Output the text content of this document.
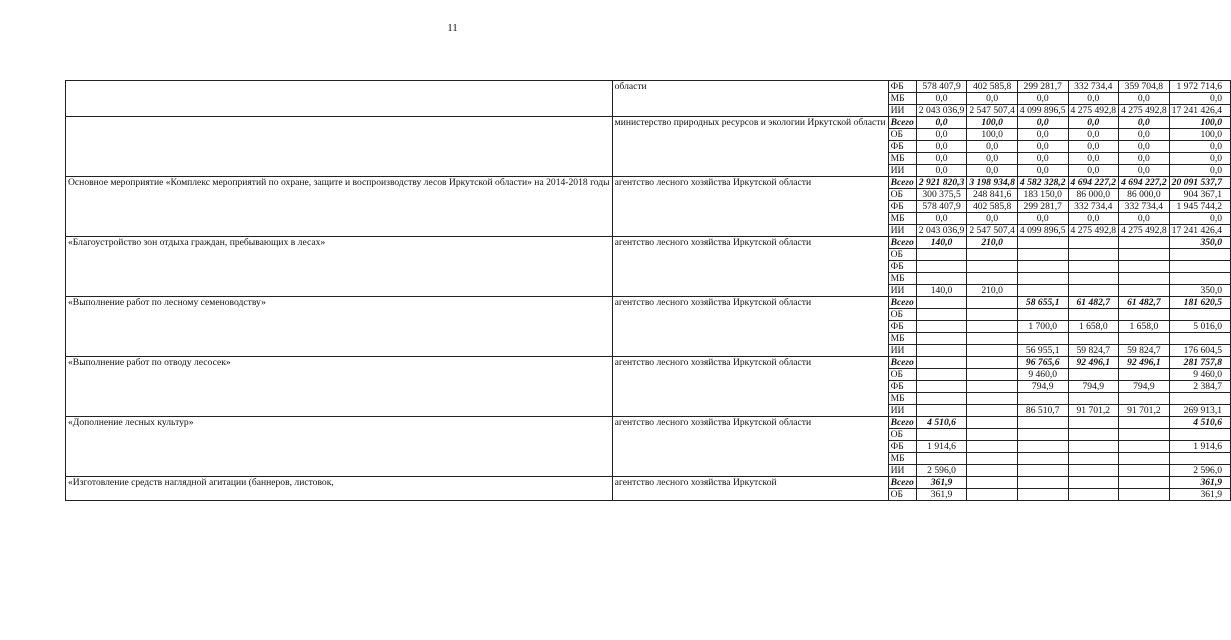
11
	области	ФБ	578 407,9	402 585,8	299 281,7	332 734,4	359 704,8	1 972 714,6
		МБ	0,0	0,0	0,0	0,0	0,0	0,0
		ИИ	2 043 036,9	2 547 507,4	4 099 896,5	4 275 492,8	4 275 492,8	17 241 426,4
	министерство природных ресурсов и экологии Иркутской области	Всего	0,0	100,0	0,0	0,0	0,0	100,0
		ОБ	0,0	100,0	0,0	0,0	0,0	100,0
		ФБ	0,0	0,0	0,0	0,0	0,0	0,0
		МБ	0,0	0,0	0,0	0,0	0,0	0,0
		ИИ	0,0	0,0	0,0	0,0	0,0	0,0
Основное мероприятие «Комплекс мероприятий по охране, защите и воспроизводству лесов Иркутской области» на 2014-2018 годы	агентство лесного хозяйства Иркутской области	Всего	2 921 820,3	3 198 934,8	4 582 328,2	4 694 227,2	4 694 227,2	20 091 537,7
		ОБ	300 375,5	248 841,6	183 150,0	86 000,0	86 000,0	904 367,1
		ФБ	578 407,9	402 585,8	299 281,7	332 734,4	332 734,4	1 945 744,2
		МБ	0,0	0,0	0,0	0,0	0,0	0,0
		ИИ	2 043 036,9	2 547 507,4	4 099 896,5	4 275 492,8	4 275 492,8	17 241 426,4
«Благоустройство зон отдыха граждан, пребывающих в лесах»	агентство лесного хозяйства Иркутской области	Всего	140,0	210,0				350,0
		ОБ						
		ФБ						
		МБ						
		ИИ	140,0	210,0				350,0
«Выполнение работ по лесному семеноводству»	агентство лесного хозяйства Иркутской области	Всего			58 655,1	61 482,7	61 482,7	181 620,5
		ОБ						
		ФБ			1 700,0	1 658,0	1 658,0	5 016,0
		МБ						
		ИИ			56 955,1	59 824,7	59 824,7	176 604,5
«Выполнение работ по отводу лесосек»	агентство лесного хозяйства Иркутской области	Всего			96 765,6	92 496,1	92 496,1	281 757,8
		ОБ			9 460,0			9 460,0
		ФБ			794,9	794,9	794,9	2 384,7
		МБ						
		ИИ			86 510,7	91 701,2	91 701,2	269 913,1
«Дополнение лесных культур»	агентство лесного хозяйства Иркутской области	Всего	4 510,6					4 510,6
		ОБ						
		ФБ	1 914,6					1 914,6
		МБ						
		ИИ	2 596,0					2 596,0
«Изготовление средств наглядной агитации (баннеров, листовок,	агентство лесного хозяйства Иркутской	Всего	361,9					361,9
		ОБ	361,9					361,9
